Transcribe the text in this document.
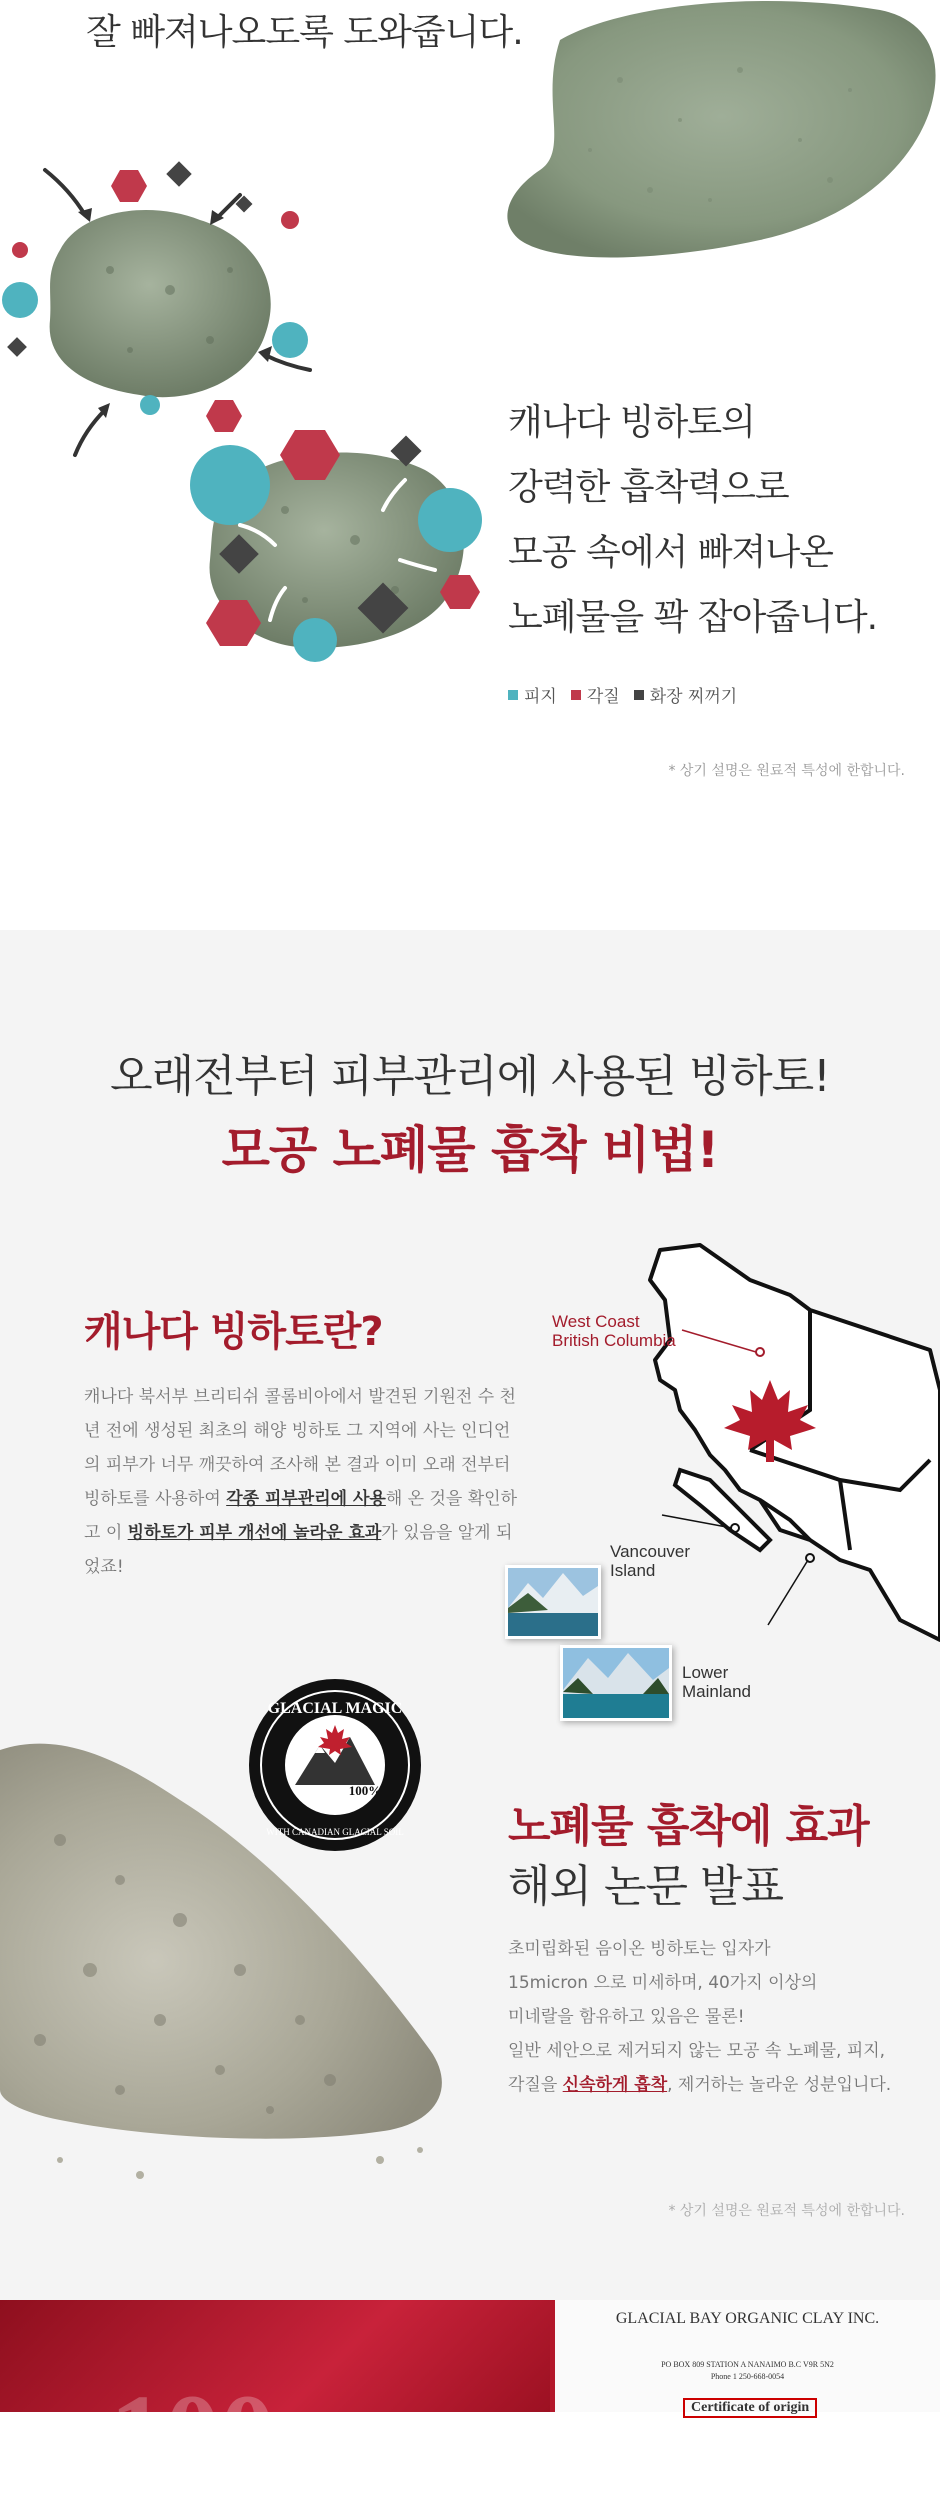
잘 빠져나오도록 도와줍니다.
캐나다 빙하토의
강력한 흡착력으로
모공 속에서 빠져나온
노폐물을 꽉 잡아줍니다.
피지 각질 화장 찌꺼기
* 상기 설명은 원료적 특성에 한합니다.
오래전부터 피부관리에 사용된 빙하토!
모공 노폐물 흡착 비법!
캐나다 빙하토란?
캐나다 북서부 브리티쉬 콜롬비아에서 발견된 기원전 수 천년 전에 생성된 최초의 해양 빙하토 그 지역에 사는 인디언의 피부가 너무 깨끗하여 조사해 본 결과 이미 오래 전부터 빙하토를 사용하여 각종 피부관리에 사용해 온 것을 확인하고 이 빙하토가 피부 개선에 놀라운 효과가 있음을 알게 되었죠!
West Coast
British Columbia
Vancouver
Island
Lower
Mainland
GLACIAL MAGIC
WITH CANADIAN GLACIAL SOIL
100%
노폐물 흡착에 효과
해외 논문 발표
초미립화된 음이온 빙하토는 입자가
15micron 으로 미세하며, 40가지 이상의
미네랄을 함유하고 있음은 물론!
일반 세안으로 제거되지 않는 모공 속 노폐물, 피지,
각질을 신속하게 흡착, 제거하는 놀라운 성분입니다.
* 상기 설명은 원료적 특성에 한합니다.
100
GLACIAL BAY ORGANIC CLAY INC.
PO BOX 809 STATION A NANAIMO B.C V9R 5N2
Phone 1 250-668-0054
Certificate of origin
